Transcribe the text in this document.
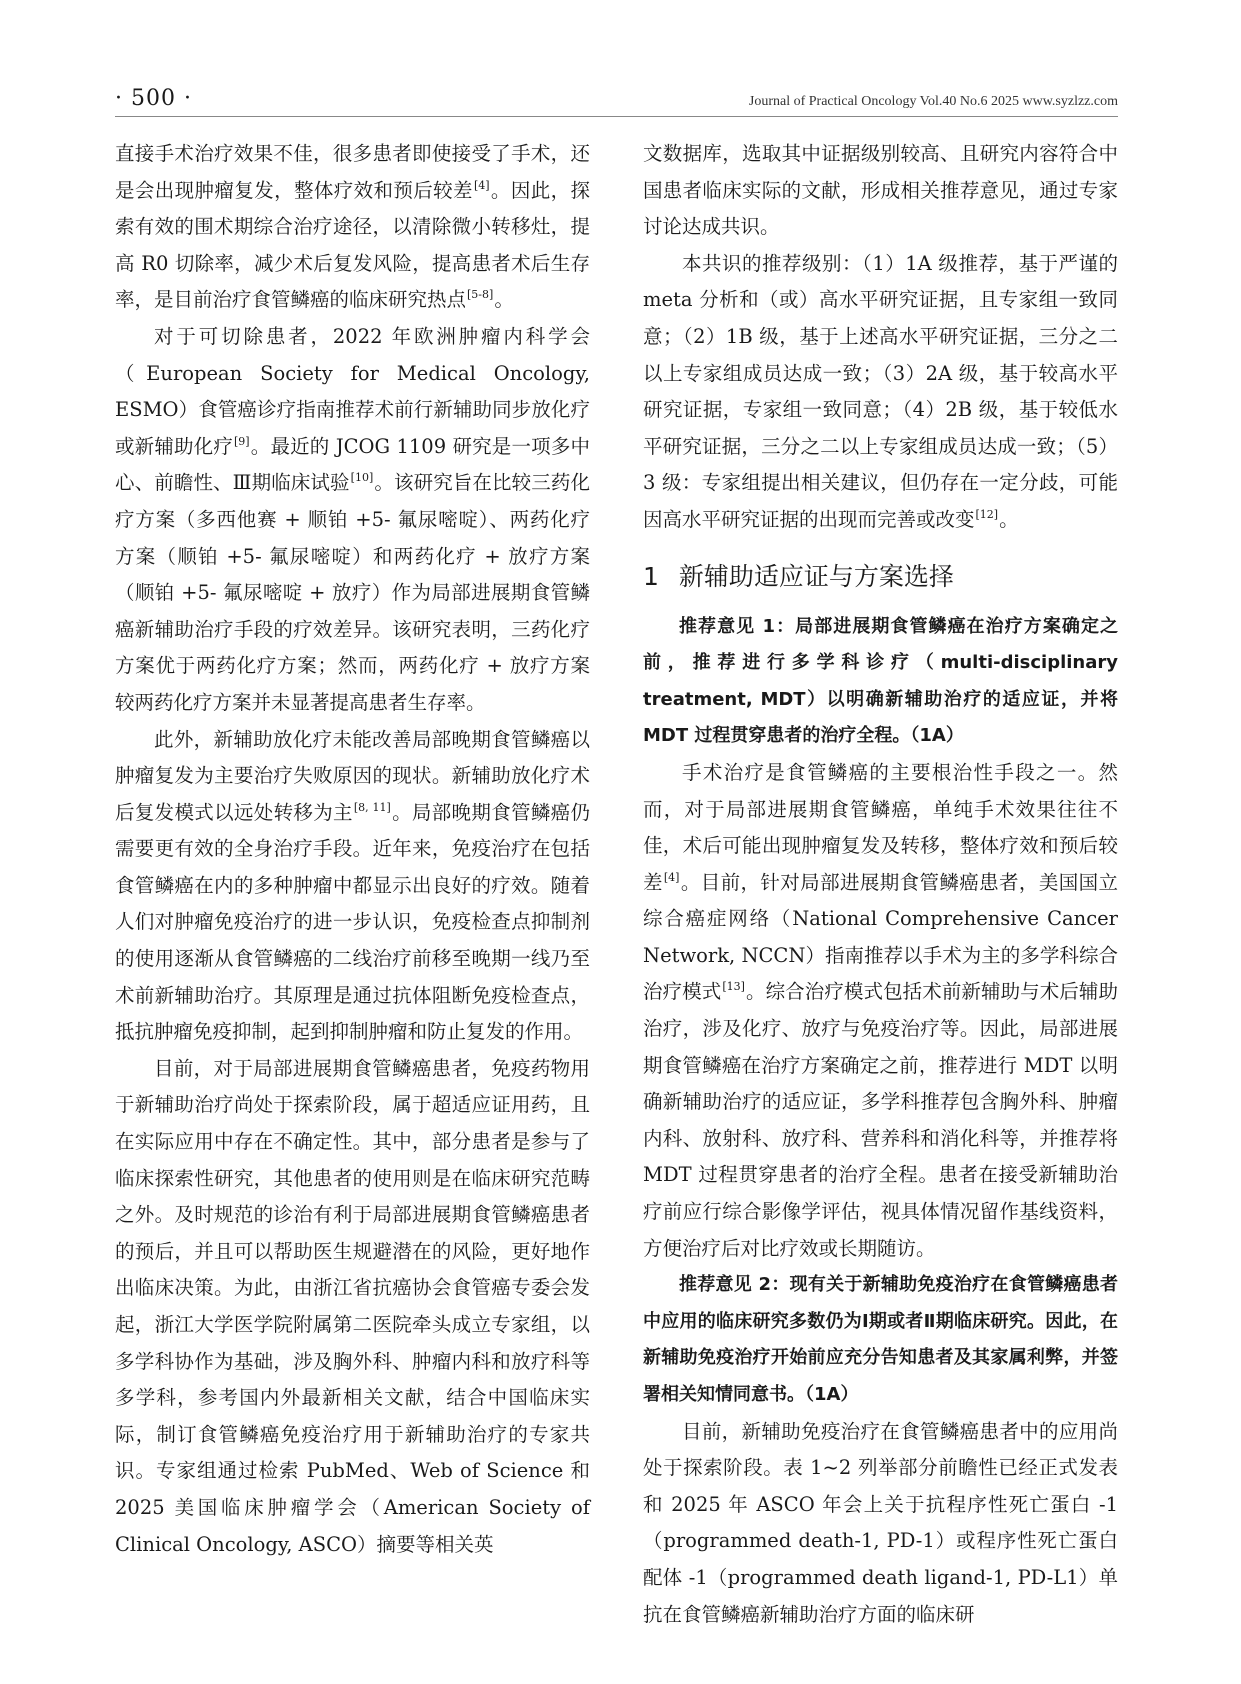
· 500 ·	Journal of Practical Oncology Vol.40 No.6 2025 www.syzlzz.com

直接手术治疗效果不佳，很多患者即使接受了手术，还是会出现肿瘤复发，整体疗效和预后较差[4]。因此，探索有效的围术期综合治疗途径，以清除微小转移灶，提高 R0 切除率，减少术后复发风险，提高患者术后生存率，是目前治疗食管鳞癌的临床研究热点[5-8]。

对于可切除患者，2022 年欧洲肿瘤内科学会（European Society for Medical Oncology, ESMO）食管癌诊疗指南推荐术前行新辅助同步放化疗或新辅助化疗[9]。最近的 JCOG 1109 研究是一项多中心、前瞻性、Ⅲ期临床试验[10]。该研究旨在比较三药化疗方案（多西他赛 + 顺铂 +5- 氟尿嘧啶）、两药化疗方案（顺铂 +5- 氟尿嘧啶）和两药化疗 + 放疗方案（顺铂 +5- 氟尿嘧啶 + 放疗）作为局部进展期食管鳞癌新辅助治疗手段的疗效差异。该研究表明，三药化疗方案优于两药化疗方案；然而，两药化疗 + 放疗方案较两药化疗方案并未显著提高患者生存率。

此外，新辅助放化疗未能改善局部晚期食管鳞癌以肿瘤复发为主要治疗失败原因的现状。新辅助放化疗术后复发模式以远处转移为主[8, 11]。局部晚期食管鳞癌仍需要更有效的全身治疗手段。近年来，免疫治疗在包括食管鳞癌在内的多种肿瘤中都显示出良好的疗效。随着人们对肿瘤免疫治疗的进一步认识，免疫检查点抑制剂的使用逐渐从食管鳞癌的二线治疗前移至晚期一线乃至术前新辅助治疗。其原理是通过抗体阻断免疫检查点，抵抗肿瘤免疫抑制，起到抑制肿瘤和防止复发的作用。

目前，对于局部进展期食管鳞癌患者，免疫药物用于新辅助治疗尚处于探索阶段，属于超适应证用药，且在实际应用中存在不确定性。其中，部分患者是参与了临床探索性研究，其他患者的使用则是在临床研究范畴之外。及时规范的诊治有利于局部进展期食管鳞癌患者的预后，并且可以帮助医生规避潜在的风险，更好地作出临床决策。为此，由浙江省抗癌协会食管癌专委会发起，浙江大学医学院附属第二医院牵头成立专家组，以多学科协作为基础，涉及胸外科、肿瘤内科和放疗科等多学科，参考国内外最新相关文献，结合中国临床实际，制订食管鳞癌免疫治疗用于新辅助治疗的专家共识。专家组通过检索 PubMed、Web of Science 和 2025 美国临床肿瘤学会（American Society of Clinical Oncology, ASCO）摘要等相关英

文数据库，选取其中证据级别较高、且研究内容符合中国患者临床实际的文献，形成相关推荐意见，通过专家讨论达成共识。

本共识的推荐级别：（1）1A 级推荐，基于严谨的 meta 分析和（或）高水平研究证据，且专家组一致同意；（2）1B 级，基于上述高水平研究证据，三分之二以上专家组成员达成一致；（3）2A 级，基于较高水平研究证据，专家组一致同意；（4）2B 级，基于较低水平研究证据，三分之二以上专家组成员达成一致；（5）3 级：专家组提出相关建议，但仍存在一定分歧，可能因高水平研究证据的出现而完善或改变[12]。

1 新辅助适应证与方案选择

推荐意见 1：局部进展期食管鳞癌在治疗方案确定之前，推荐进行多学科诊疗（multi-disciplinary treatment, MDT）以明确新辅助治疗的适应证，并将 MDT 过程贯穿患者的治疗全程。（1A）

手术治疗是食管鳞癌的主要根治性手段之一。然而，对于局部进展期食管鳞癌，单纯手术效果往往不佳，术后可能出现肿瘤复发及转移，整体疗效和预后较差[4]。目前，针对局部进展期食管鳞癌患者，美国国立综合癌症网络（National Comprehensive Cancer Network, NCCN）指南推荐以手术为主的多学科综合治疗模式[13]。综合治疗模式包括术前新辅助与术后辅助治疗，涉及化疗、放疗与免疫治疗等。因此，局部进展期食管鳞癌在治疗方案确定之前，推荐进行 MDT 以明确新辅助治疗的适应证，多学科推荐包含胸外科、肿瘤内科、放射科、放疗科、营养科和消化科等，并推荐将 MDT 过程贯穿患者的治疗全程。患者在接受新辅助治疗前应行综合影像学评估，视具体情况留作基线资料，方便治疗后对比疗效或长期随访。

推荐意见 2：现有关于新辅助免疫治疗在食管鳞癌患者中应用的临床研究多数仍为Ⅰ期或者Ⅱ期临床研究。因此，在新辅助免疫治疗开始前应充分告知患者及其家属利弊，并签署相关知情同意书。（1A）

目前，新辅助免疫治疗在食管鳞癌患者中的应用尚处于探索阶段。表 1~2 列举部分前瞻性已经正式发表和 2025 年 ASCO 年会上关于抗程序性死亡蛋白 -1（programmed death-1, PD-1）或程序性死亡蛋白配体 -1（programmed death ligand-1, PD-L1）单抗在食管鳞癌新辅助治疗方面的临床研
